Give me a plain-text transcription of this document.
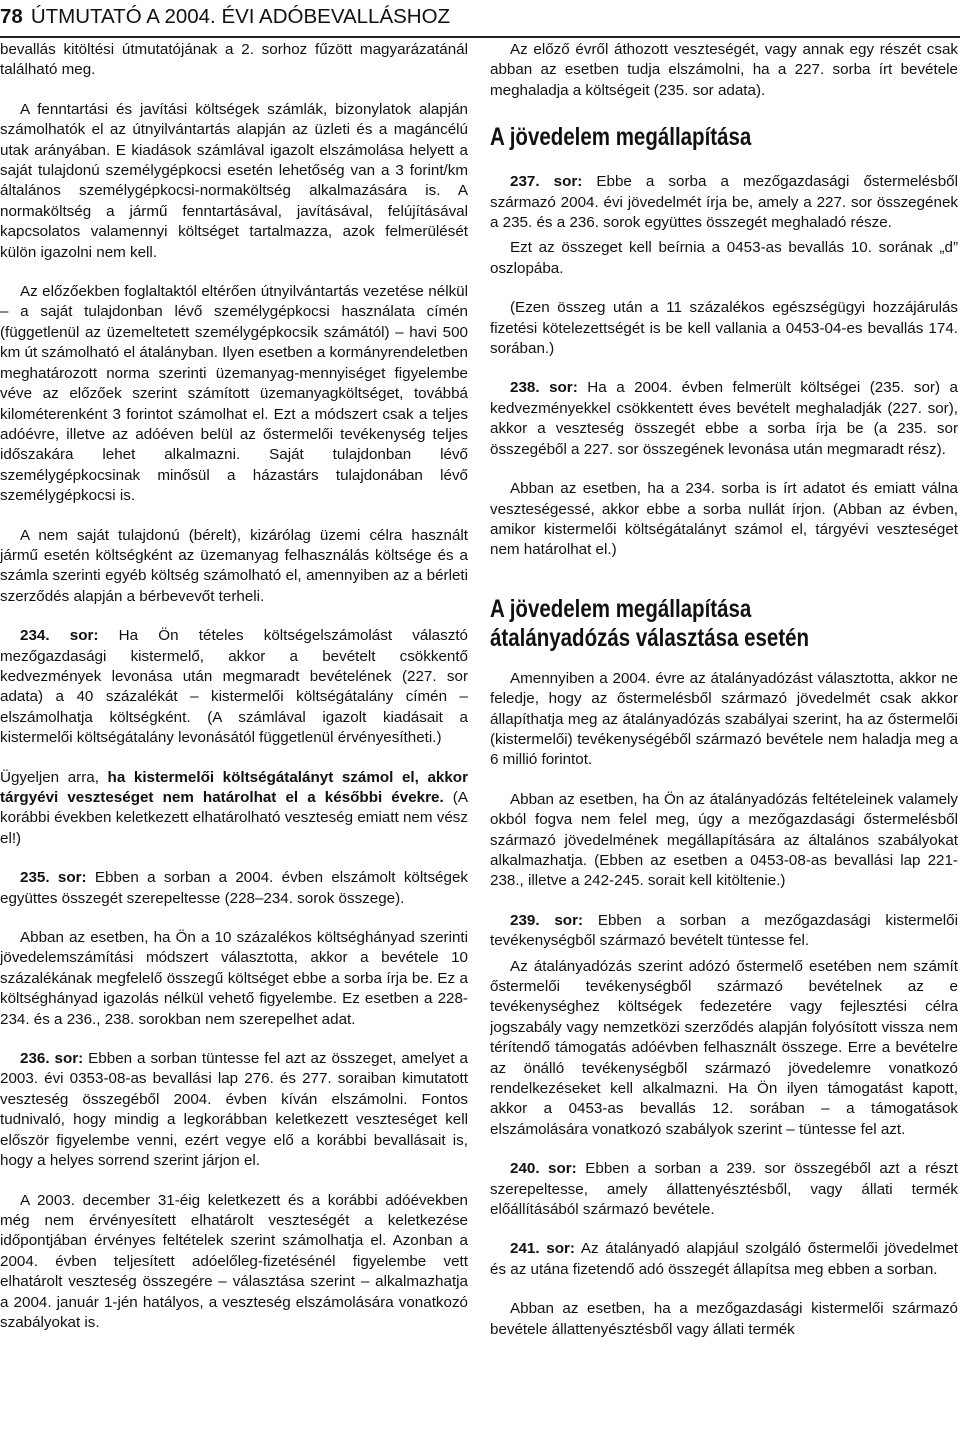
78 ÚTMUTATÓ A 2004. ÉVI ADÓBEVALLÁSHOZ

bevallás kitöltési útmutatójának a 2. sorhoz fűzött magyarázatánál található meg.

A fenntartási és javítási költségek számlák, bizonylatok alapján számolhatók el az útnyilvántartás alapján az üzleti és a magáncélú utak arányában. E kiadások számlával igazolt elszámolása helyett a saját tulajdonú személygépkocsi esetén lehetőség van a 3 forint/km általános személygépkocsi-normaköltség alkalmazására is. A normaköltség a jármű fenntartásával, javításával, felújításával kapcsolatos valamennyi költséget tartalmazza, azok felmerülését külön igazolni nem kell.

Az előzőekben foglaltaktól eltérően útnyilvántartás vezetése nélkül – a saját tulajdonban lévő személygépkocsi használata címén (függetlenül az üzemeltetett személygépkocsik számától) – havi 500 km út számolható el átalányban. Ilyen esetben a kormányrendeletben meghatározott norma szerinti üzemanyag-mennyiséget figyelembe véve az előzőek szerint számított üzemanyagköltséget, továbbá kilométerenként 3 forintot számolhat el. Ezt a módszert csak a teljes adóévre, illetve az adóéven belül az őstermelői tevékenység teljes időszakára lehet alkalmazni. Saját tulajdonban lévő személygépkocsinak minősül a házastárs tulajdonában lévő személygépkocsi is.

A nem saját tulajdonú (bérelt), kizárólag üzemi célra használt jármű esetén költségként az üzemanyag felhasználás költsége és a számla szerinti egyéb költség számolható el, amennyiben az a bérleti szerződés alapján a bérbevevőt terheli.

234. sor: Ha Ön tételes költségelszámolást választó mezőgazdasági kistermelő, akkor a bevételt csökkentő kedvezmények levonása után megmaradt bevételének (227. sor adata) a 40 százalékát – kistermelői költségátalány címén – elszámolhatja költségként. (A számlával igazolt kiadásait a kistermelői költségátalány levonásától függetlenül érvényesítheti.)

Ügyeljen arra, ha kistermelői költségátalányt számol el, akkor tárgyévi veszteséget nem határolhat el a későbbi évekre. (A korábbi években keletkezett elhatárolható veszteség emiatt nem vész el!)

235. sor: Ebben a sorban a 2004. évben elszámolt költségek együttes összegét szerepeltesse (228–234. sorok összege).

Abban az esetben, ha Ön a 10 százalékos költséghányad szerinti jövedelemszámítási módszert választotta, akkor a bevétele 10 százalékának megfelelő összegű költséget ebbe a sorba írja be. Ez a költséghányad igazolás nélkül vehető figyelembe. Ez esetben a 228-234. és a 236., 238. sorokban nem szerepelhet adat.

236. sor: Ebben a sorban tüntesse fel azt az összeget, amelyet a 2003. évi 0353-08-as bevallási lap 276. és 277. soraiban kimutatott veszteség összegéből 2004. évben kíván elszámolni. Fontos tudnivaló, hogy mindig a legkorábban keletkezett veszteséget kell először figyelembe venni, ezért vegye elő a korábbi bevallásait is, hogy a helyes sorrend szerint járjon el.

A 2003. december 31-éig keletkezett és a korábbi adóévekben még nem érvényesített elhatárolt veszteségét a keletkezése időpontjában érvényes feltételek szerint számolhatja el. Azonban a 2004. évben teljesített adóelőleg-fizetésénél figyelembe vett elhatárolt veszteség összegére – választása szerint – alkalmazhatja a 2004. január 1-jén hatályos, a veszteség elszámolására vonatkozó szabályokat is.

Az előző évről áthozott veszteségét, vagy annak egy részét csak abban az esetben tudja elszámolni, ha a 227. sorba írt bevétele meghaladja a költségeit (235. sor adata).

A jövedelem megállapítása

237. sor: Ebbe a sorba a mezőgazdasági őstermelésből származó 2004. évi jövedelmét írja be, amely a 227. sor összegének a 235. és a 236. sorok együttes összegét meghaladó része.

Ezt az összeget kell beírnia a 0453-as bevallás 10. sorának „d” oszlopába.

(Ezen összeg után a 11 százalékos egészségügyi hozzájárulás fizetési kötelezettségét is be kell vallania a 0453-04-es bevallás 174. sorában.)

238. sor: Ha a 2004. évben felmerült költségei (235. sor) a kedvezményekkel csökkentett éves bevételt meghaladják (227. sor), akkor a veszteség összegét ebbe a sorba írja be (a 235. sor összegéből a 227. sor összegének levonása után megmaradt rész).

Abban az esetben, ha a 234. sorba is írt adatot és emiatt válna veszteségessé, akkor ebbe a sorba nullát írjon. (Abban az évben, amikor kistermelői költségátalányt számol el, tárgyévi veszteséget nem határolhat el.)

A jövedelem megállapítása
átalányadózás választása esetén

Amennyiben a 2004. évre az átalányadózást választotta, akkor ne feledje, hogy az őstermelésből származó jövedelmét csak akkor állapíthatja meg az átalányadózás szabályai szerint, ha az őstermelői (kistermelői) tevékenységéből származó bevétele nem haladja meg a 6 millió forintot.

Abban az esetben, ha Ön az átalányadózás feltételeinek valamely okból fogva nem felel meg, úgy a mezőgazdasági őstermelésből származó jövedelmének megállapítására az általános szabályokat alkalmazhatja. (Ebben az esetben a 0453-08-as bevallási lap 221-238., illetve a 242-245. sorait kell kitöltenie.)

239. sor: Ebben a sorban a mezőgazdasági kistermelői tevékenységből származó bevételt tüntesse fel.

Az átalányadózás szerint adózó őstermelő esetében nem számít őstermelői tevékenységből származó bevételnek az e tevékenységhez költségek fedezetére vagy fejlesztési célra jogszabály vagy nemzetközi szerződés alapján folyósított vissza nem térítendő támogatás adóévben felhasznált összege. Erre a bevételre az önálló tevékenységből származó jövedelemre vonatkozó rendelkezéseket kell alkalmazni. Ha Ön ilyen támogatást kapott, akkor a 0453-as bevallás 12. sorában – a támogatások elszámolására vonatkozó szabályok szerint – tüntesse fel azt.

240. sor: Ebben a sorban a 239. sor összegéből azt a részt szerepeltesse, amely állattenyésztésből, vagy állati termék előállításából származó bevétele.

241. sor: Az átalányadó alapjául szolgáló őstermelői jövedelmet és az utána fizetendő adó összegét állapítsa meg ebben a sorban.

Abban az esetben, ha a mezőgazdasági kistermelői származó bevétele állattenyésztésből vagy állati termék
